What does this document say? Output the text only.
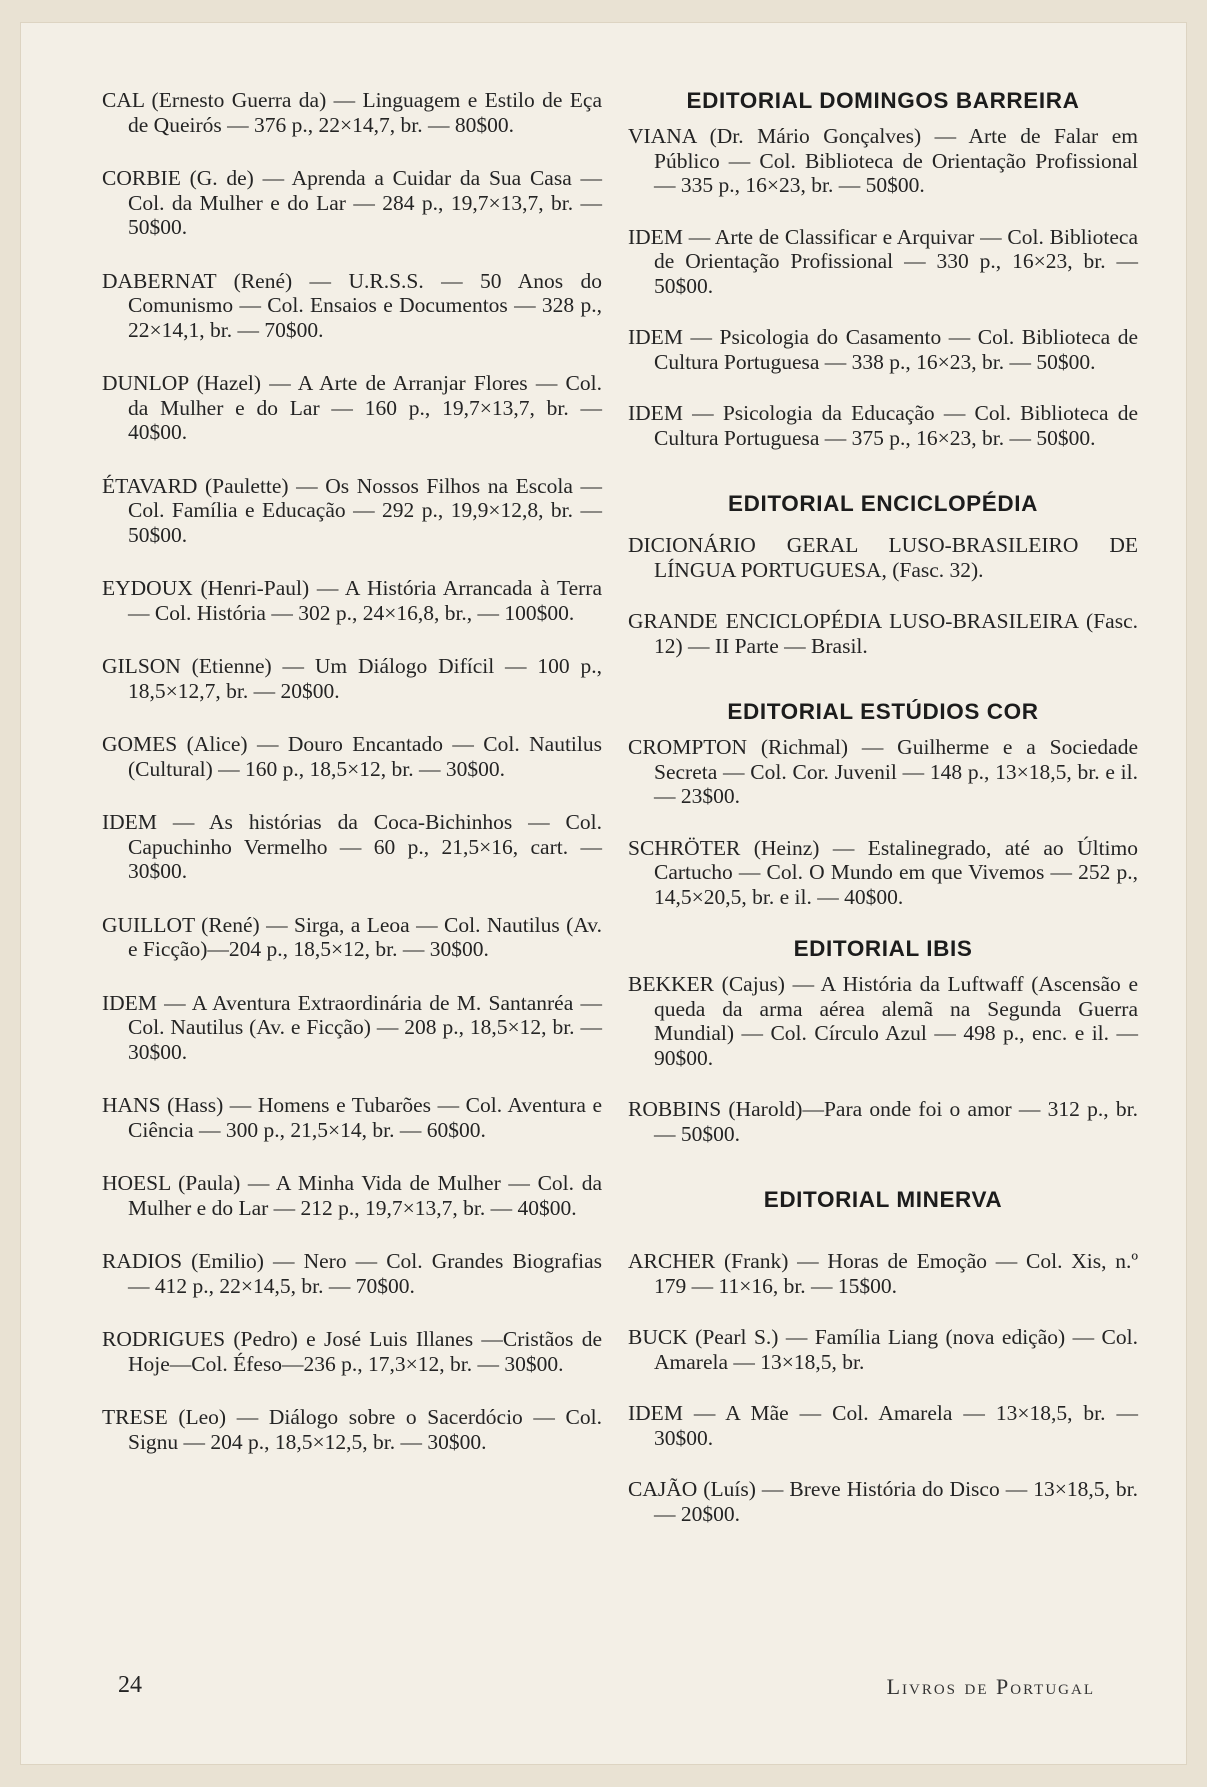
CAL (Ernesto Guerra da) — Linguagem e Estilo de Eça de Queirós — 376 p., 22×14,7, br. — 80$00.

CORBIE (G. de) — Aprenda a Cuidar da Sua Casa — Col. da Mulher e do Lar — 284 p., 19,7×13,7, br. — 50$00.

DABERNAT (René) — U.R.S.S. — 50 Anos do Comunismo — Col. Ensaios e Documentos — 328 p., 22×14,1, br. — 70$00.

DUNLOP (Hazel) — A Arte de Arranjar Flores — Col. da Mulher e do Lar — 160 p., 19,7×13,7, br. — 40$00.

ÉTAVARD (Paulette) — Os Nossos Filhos na Escola — Col. Família e Educação — 292 p., 19,9×12,8, br. — 50$00.

EYDOUX (Henri-Paul) — A História Arrancada à Terra — Col. História — 302 p., 24×16,8, br., — 100$00.

GILSON (Etienne) — Um Diálogo Difícil — 100 p., 18,5×12,7, br. — 20$00.

GOMES (Alice) — Douro Encantado — Col. Nautilus (Cultural) — 160 p., 18,5×12, br. — 30$00.

IDEM — As histórias da Coca-Bichinhos — Col. Capuchinho Vermelho — 60 p., 21,5×16, cart. — 30$00.

GUILLOT (René) — Sirga, a Leoa — Col. Nautilus (Av. e Ficção)—204 p., 18,5×12, br. — 30$00.

IDEM — A Aventura Extraordinária de M. Santanréa — Col. Nautilus (Av. e Ficção) — 208 p., 18,5×12, br. — 30$00.

HANS (Hass) — Homens e Tubarões — Col. Aventura e Ciência — 300 p., 21,5×14, br. — 60$00.

HOESL (Paula) — A Minha Vida de Mulher — Col. da Mulher e do Lar — 212 p., 19,7×13,7, br. — 40$00.

RADIOS (Emilio) — Nero — Col. Grandes Biografias — 412 p., 22×14,5, br. — 70$00.

RODRIGUES (Pedro) e José Luis Illanes —Cristãos de Hoje—Col. Éfeso—236 p., 17,3×12, br. — 30$00.

TRESE (Leo) — Diálogo sobre o Sacerdócio — Col. Signu — 204 p., 18,5×12,5, br. — 30$00.

EDITORIAL DOMINGOS BARREIRA

VIANA (Dr. Mário Gonçalves) — Arte de Falar em Público — Col. Biblioteca de Orientação Profissional — 335 p., 16×23, br. — 50$00.

IDEM — Arte de Classificar e Arquivar — Col. Biblioteca de Orientação Profissional — 330 p., 16×23, br. — 50$00.

IDEM — Psicologia do Casamento — Col. Biblioteca de Cultura Portuguesa — 338 p., 16×23, br. — 50$00.

IDEM — Psicologia da Educação — Col. Biblioteca de Cultura Portuguesa — 375 p., 16×23, br. — 50$00.

EDITORIAL ENCICLOPÉDIA

DICIONÁRIO GERAL LUSO-BRASILEIRO DE LÍNGUA PORTUGUESA, (Fasc. 32).

GRANDE ENCICLOPÉDIA LUSO-BRASILEIRA (Fasc. 12) — II Parte — Brasil.

EDITORIAL ESTÚDIOS COR

CROMPTON (Richmal) — Guilherme e a Sociedade Secreta — Col. Cor. Juvenil — 148 p., 13×18,5, br. e il. — 23$00.

SCHRÖTER (Heinz) — Estalinegrado, até ao Último Cartucho — Col. O Mundo em que Vivemos — 252 p., 14,5×20,5, br. e il. — 40$00.

EDITORIAL IBIS

BEKKER (Cajus) — A História da Luftwaff (Ascensão e queda da arma aérea alemã na Segunda Guerra Mundial) — Col. Círculo Azul — 498 p., enc. e il. — 90$00.

ROBBINS (Harold)—Para onde foi o amor — 312 p., br. — 50$00.

EDITORIAL MINERVA

ARCHER (Frank) — Horas de Emoção — Col. Xis, n.º 179 — 11×16, br. — 15$00.

BUCK (Pearl S.) — Família Liang (nova edição) — Col. Amarela — 13×18,5, br.

IDEM — A Mãe — Col. Amarela — 13×18,5, br. — 30$00.

CAJÃO (Luís) — Breve História do Disco — 13×18,5, br. — 20$00.

24	Livros de Portugal
